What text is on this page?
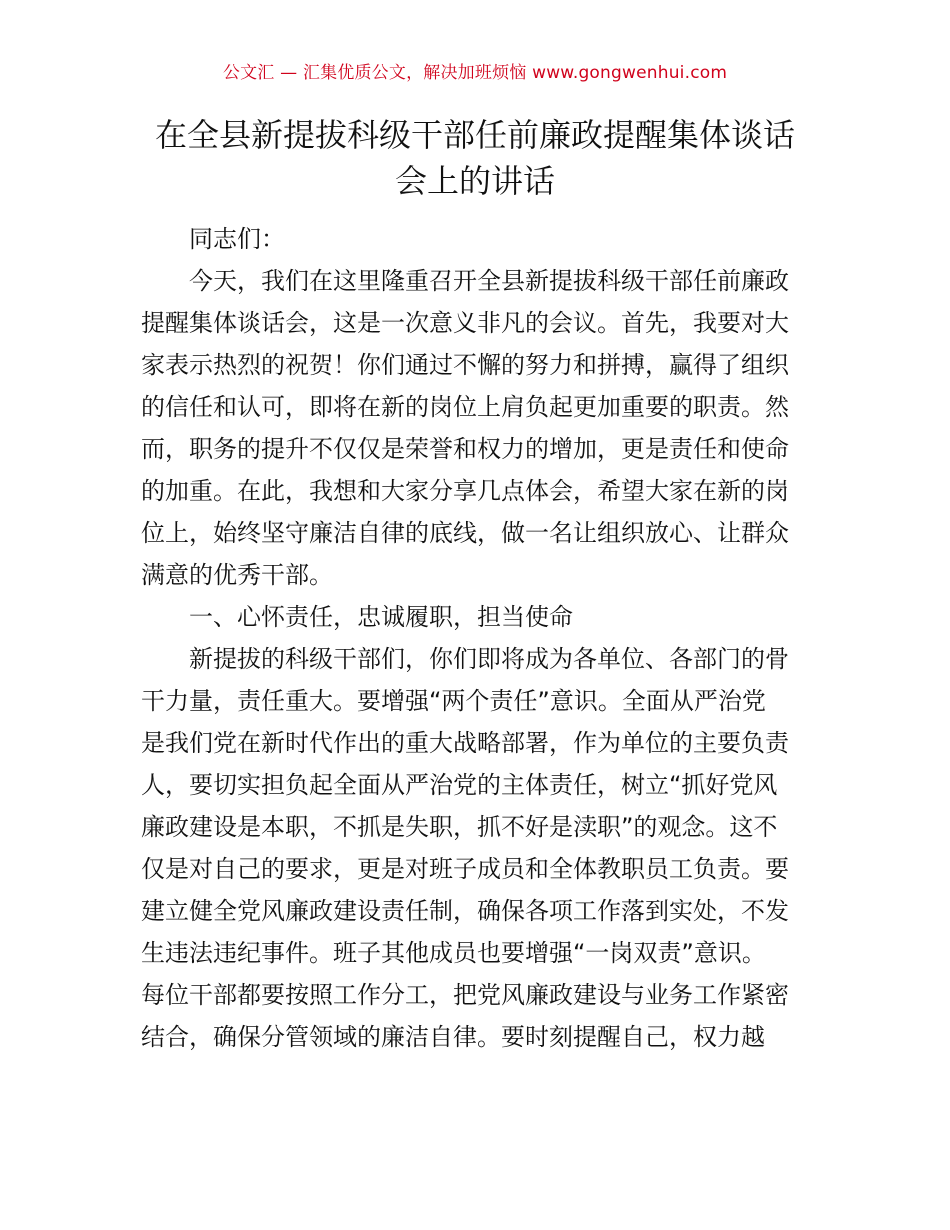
公文汇 — 汇集优质公文，解决加班烦恼 www.gongwenhui.com
在全县新提拔科级干部任前廉政提醒集体谈话
会上的讲话
同志们：
今天，我们在这里隆重召开全县新提拔科级干部任前廉政
提醒集体谈话会，这是一次意义非凡的会议。首先，我要对大
家表示热烈的祝贺！你们通过不懈的努力和拼搏，赢得了组织
的信任和认可，即将在新的岗位上肩负起更加重要的职责。然
而，职务的提升不仅仅是荣誉和权力的增加，更是责任和使命
的加重。在此，我想和大家分享几点体会，希望大家在新的岗
位上，始终坚守廉洁自律的底线，做一名让组织放心、让群众
满意的优秀干部。
一、心怀责任，忠诚履职，担当使命
新提拔的科级干部们，你们即将成为各单位、各部门的骨
干力量，责任重大。要增强“两个责任”意识。全面从严治党
是我们党在新时代作出的重大战略部署，作为单位的主要负责
人，要切实担负起全面从严治党的主体责任，树立“抓好党风
廉政建设是本职，不抓是失职，抓不好是渎职”的观念。这不
仅是对自己的要求，更是对班子成员和全体教职员工负责。要
建立健全党风廉政建设责任制，确保各项工作落到实处，不发
生违法违纪事件。班子其他成员也要增强“一岗双责”意识。
每位干部都要按照工作分工，把党风廉政建设与业务工作紧密
结合，确保分管领域的廉洁自律。要时刻提醒自己，权力越
